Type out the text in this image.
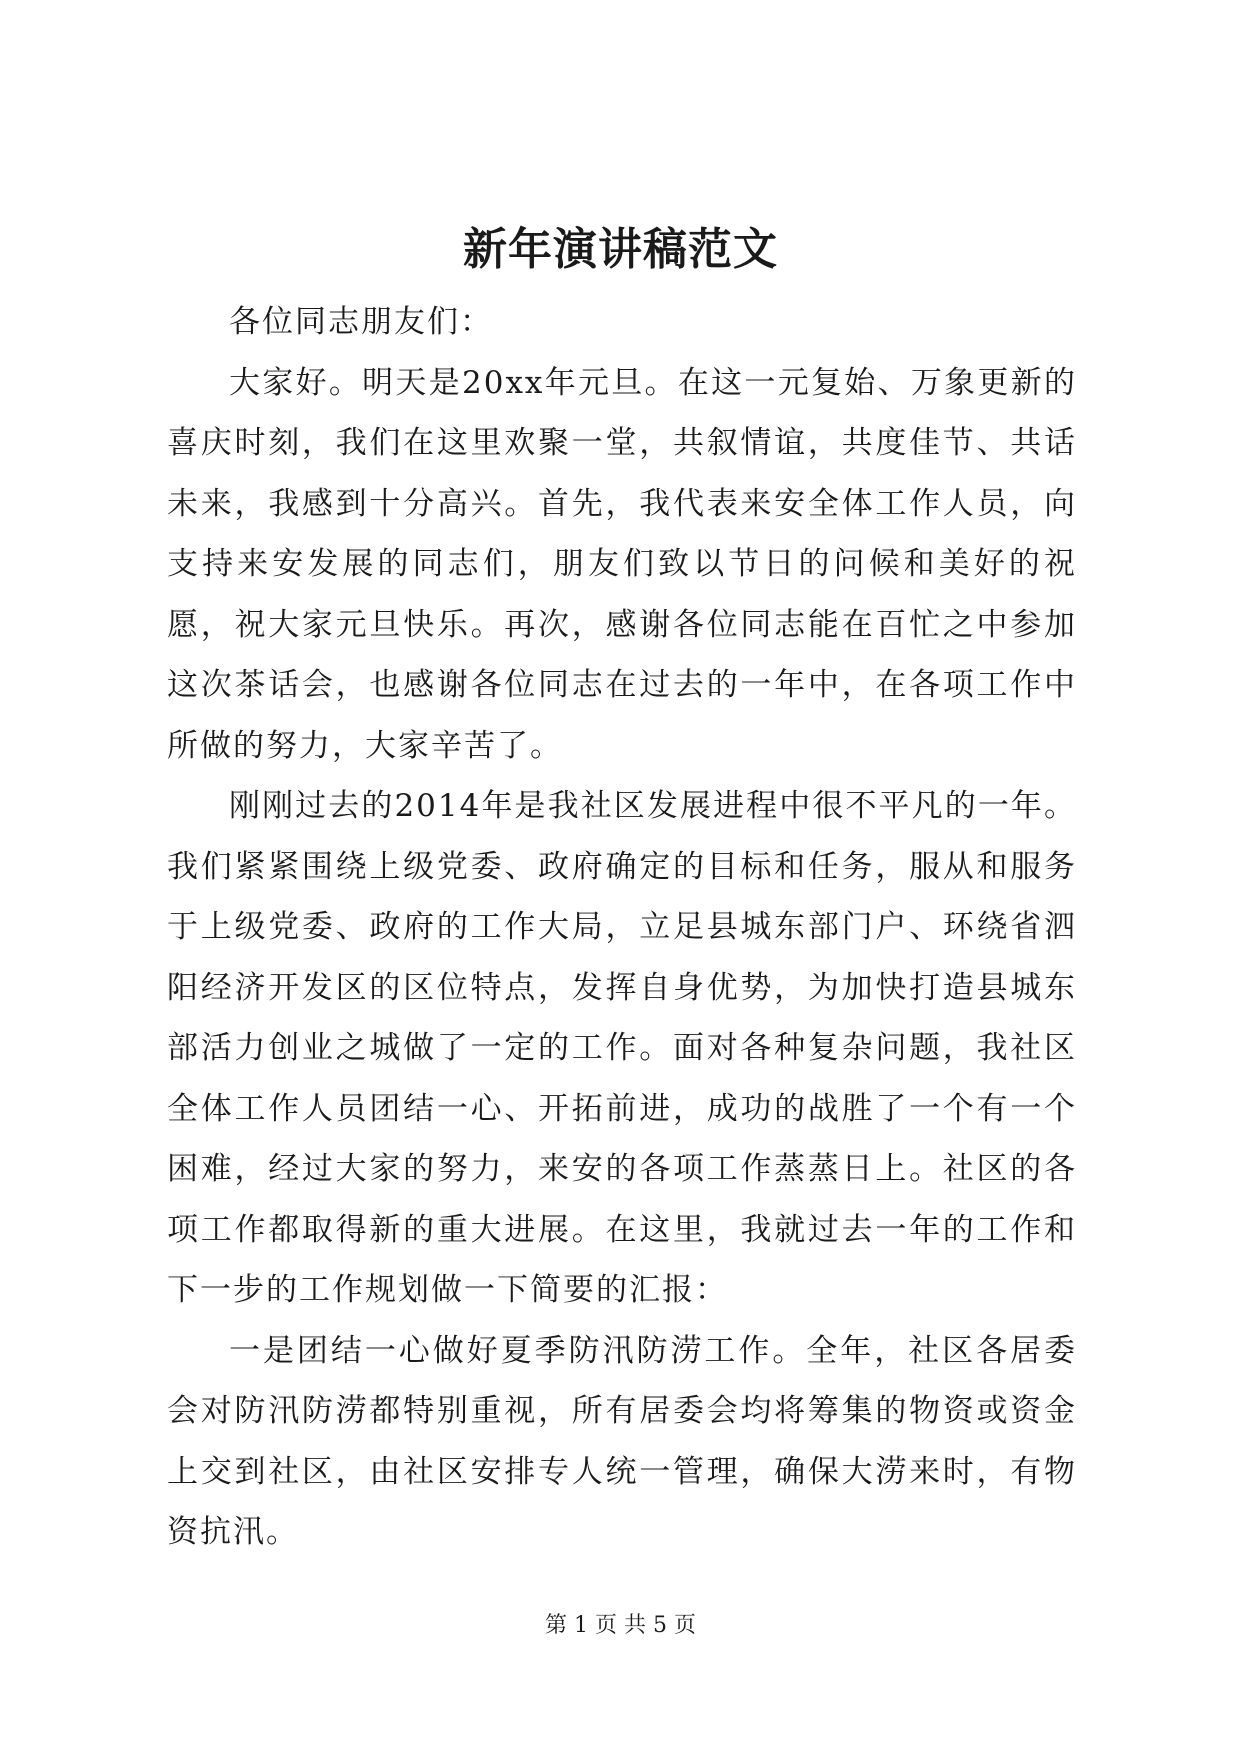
新年演讲稿范文

各位同志朋友们：

大家好。明天是20xx年元旦。在这一元复始、万象更新的喜庆时刻，我们在这里欢聚一堂，共叙情谊，共度佳节、共话未来，我感到十分高兴。首先，我代表来安全体工作人员，向支持来安发展的同志们，朋友们致以节日的问候和美好的祝愿，祝大家元旦快乐。再次，感谢各位同志能在百忙之中参加这次茶话会，也感谢各位同志在过去的一年中，在各项工作中所做的努力，大家辛苦了。

刚刚过去的2014年是我社区发展进程中很不平凡的一年。我们紧紧围绕上级党委、政府确定的目标和任务，服从和服务于上级党委、政府的工作大局，立足县城东部门户、环绕省泗阳经济开发区的区位特点，发挥自身优势，为加快打造县城东部活力创业之城做了一定的工作。面对各种复杂问题，我社区全体工作人员团结一心、开拓前进，成功的战胜了一个有一个困难，经过大家的努力，来安的各项工作蒸蒸日上。社区的各项工作都取得新的重大进展。在这里，我就过去一年的工作和下一步的工作规划做一下简要的汇报：

一是团结一心做好夏季防汛防涝工作。全年，社区各居委会对防汛防涝都特别重视，所有居委会均将筹集的物资或资金上交到社区，由社区安排专人统一管理，确保大涝来时，有物资抗汛。

第 1 页 共 5 页
